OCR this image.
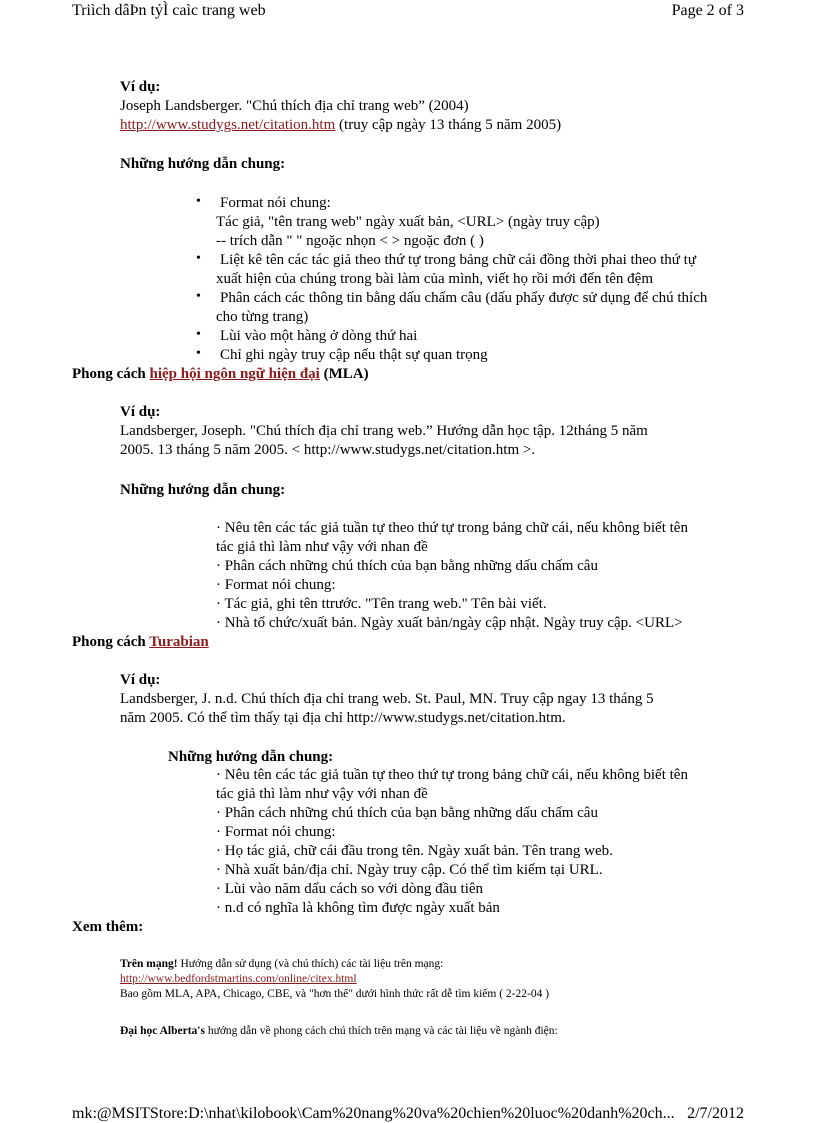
Triìch dâÞn tỷÌ caìc trang web	Page 2 of 3
Ví dụ:
Joseph Landsberger. "Chú thích địa chỉ trang web” (2004)
http://www.studygs.net/citation.htm (truy cập ngày 13 tháng 5 năm 2005)
Những hướng dẫn chung:
• Format nói chung:
Tác giả, "tên trang web" ngày xuất bản, <URL> (ngày truy cập)
-- trích dẫn " " ngoặc nhọn < > ngoặc đơn ( )
• Liệt kê tên các tác giả theo thứ tự trong bảng chữ cái đồng thời phai theo thứ tự
xuất hiện của chúng trong bài làm của mình, viết họ rồi mới đến tên đệm
• Phân cách các thông tin bằng dấu chấm câu (dấu phẩy được sử dụng để chú thích
cho từng trang)
• Lùi vào một hàng ở dòng thứ hai
• Chỉ ghi ngày truy cập nếu thật sự quan trọng
Phong cách hiệp hội ngôn ngữ hiện đại (MLA)
Ví dụ:
Landsberger, Joseph. "Chú thích địa chỉ trang web.” Hướng dẫn học tập. 12tháng 5 năm
2005. 13 tháng 5 năm 2005. < http://www.studygs.net/citation.htm >.
Những hướng dẫn chung:
· Nêu tên các tác giả tuần tự theo thứ tự trong bảng chữ cái, nếu không biết tên
tác giả thì làm như vậy với nhan đề
· Phân cách những chú thích của bạn bằng những dấu chấm câu
· Format nói chung:
· Tác giả, ghi tên ttrước. "Tên trang web." Tên bài viết.
· Nhà tổ chức/xuất bản. Ngày xuất bản/ngày cập nhật. Ngày truy cập. <URL>
Phong cách Turabian
Ví dụ:
Landsberger, J. n.d. Chú thích địa chỉ trang web. St. Paul, MN. Truy cập ngay 13 tháng 5
năm 2005. Có thể tìm thấy tại địa chỉ http://www.studygs.net/citation.htm.
Những hướng dẫn chung:
· Nêu tên các tác giả tuần tự theo thứ tự trong bảng chữ cái, nếu không biết tên
tác giả thì làm như vậy với nhan đề
· Phân cách những chú thích của bạn bằng những dấu chấm câu
· Format nói chung:
· Họ tác giả, chữ cái đầu trong tên. Ngày xuất bản. Tên trang web.
· Nhà xuất bản/địa chỉ. Ngày truy cập. Có thể tìm kiếm tại URL.
· Lùi vào năm dấu cách so với dòng đầu tiên
· n.d có nghĩa là không tìm được ngày xuất bản
Xem thêm:
Trên mạng! Hướng dẫn sử dụng (và chú thích) các tài liệu trên mạng:
http://www.bedfordstmartins.com/online/citex.html
Bao gồm MLA, APA, Chicago, CBE, và "hơn thế" dưới hình thức rất dễ tìm kiếm ( 2-22-04 )
Đại học Alberta's hướng dẫn về phong cách chú thích trên mạng và các tài liệu về ngành điện:
mk:@MSITStore:D:\nhat\kilobook\Cam%20nang%20va%20chien%20luoc%20danh%20ch... 2/7/2012
